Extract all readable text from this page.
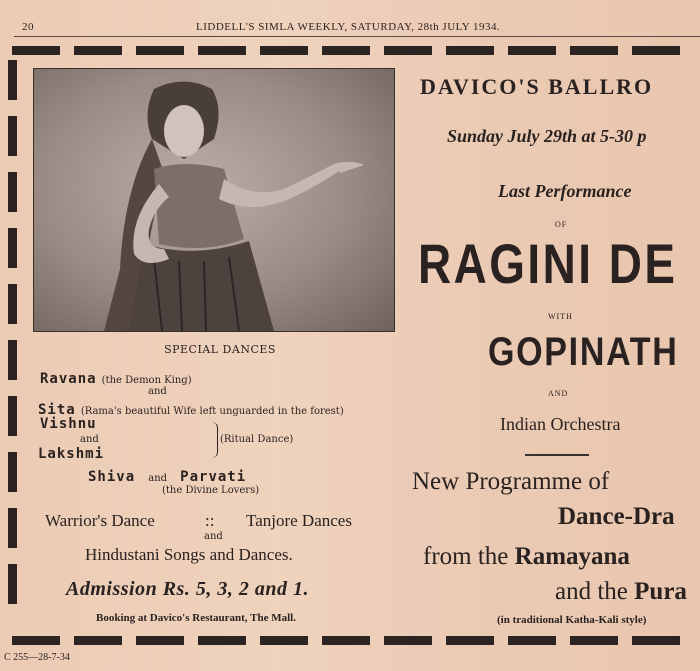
20	LIDDELL'S SIMLA WEEKLY, SATURDAY, 28th JULY 1934.
SPECIAL DANCES
Ravana (the Demon King)
and
Sita (Rama's beautiful Wife left unguarded in the forest)
Vishnu
and
Lakshmi
(Ritual Dance)
Shiva and Parvati
(the Divine Lovers)
Warrior's Dance	:: Tanjore Dances
and
Hindustani Songs and Dances.
Admission Rs. 5, 3, 2 and 1.
Booking at Davico's Restaurant, The Mall.
DAVICO'S BALLRO
Sunday July 29th at 5-30 p
Last Performance
OF
RAGINI DE
WITH
GOPINATH
AND
Indian Orchestra
New Programme of
Dance-Dra
from the Ramayana
and the Pura
(in traditional Katha-Kali style)
C 255—28-7-34
